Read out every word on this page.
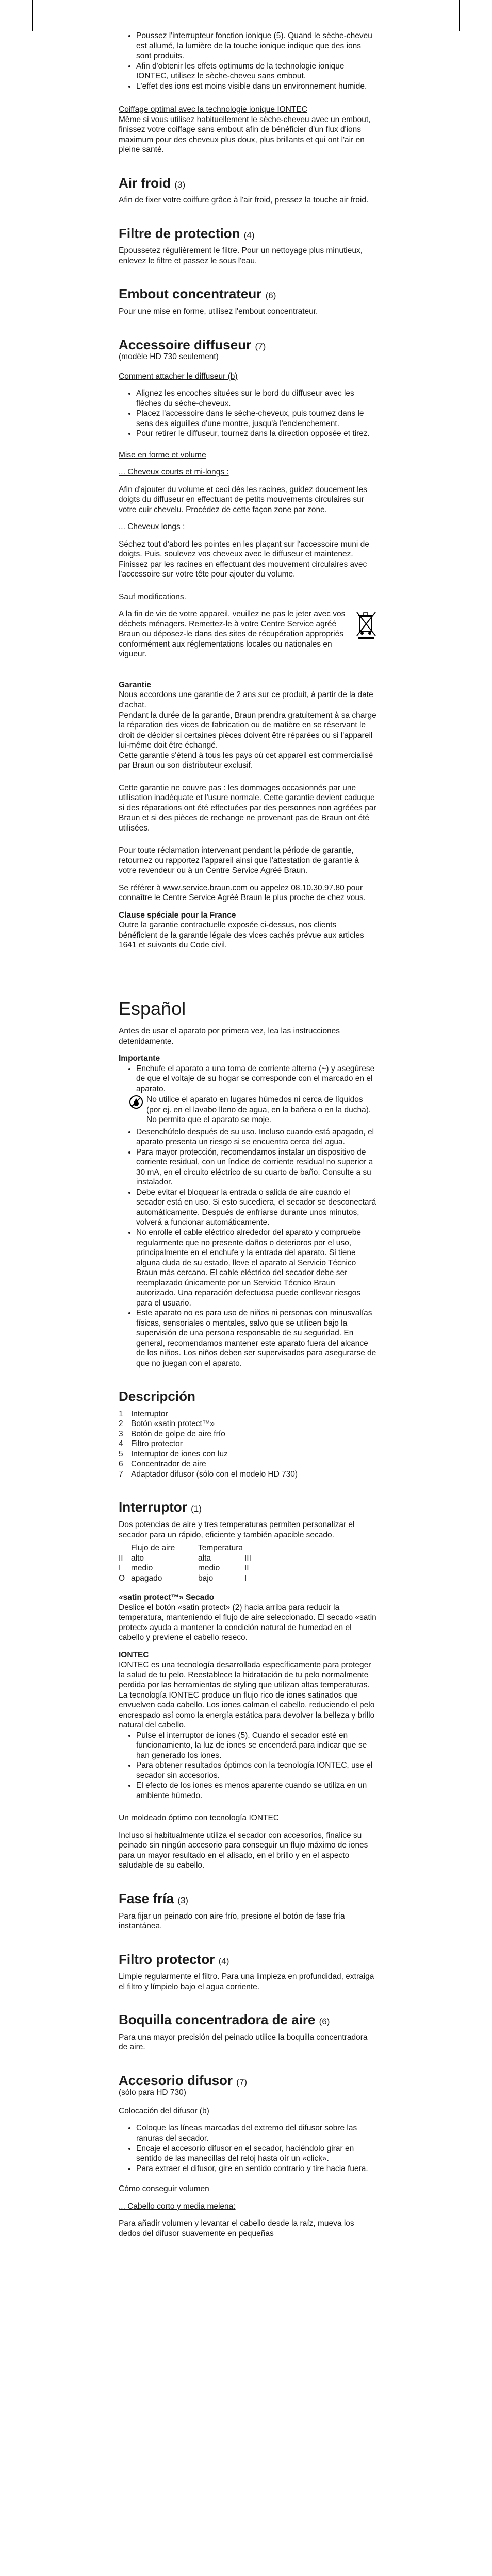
• Poussez l'interrupteur fonction ionique (5). Quand le sèche-cheveu est allumé, la lumière de la touche ionique indique que des ions sont produits.
• Afin d'obtenir les effets optimums de la technologie ionique IONTEC, utilisez le sèche-cheveu sans embout.
• L'effet des ions est moins visible dans un environnement humide.

Coiffage optimal avec la technologie ionique IONTEC

Même si vous utilisez habituellement le sèche-cheveu avec un embout, finissez votre coiffage sans embout afin de bénéficier d'un flux d'ions maximum pour des cheveux plus doux, plus brillants et qui ont l'air en pleine santé.

Air froid (3)

Afin de fixer votre coiffure grâce à l'air froid, pressez la touche air froid.

Filtre de protection (4)

Epoussetez régulièrement le filtre. Pour un nettoyage plus minutieux, enlevez le filtre et passez le sous l'eau.

Embout concentrateur (6)

Pour une mise en forme, utilisez l'embout concentrateur.

Accessoire diffuseur (7)

(modèle HD 730 seulement)

Comment attacher le diffuseur (b)

• Alignez les encoches situées sur le bord du diffuseur avec les flèches du sèche-cheveux.
• Placez l'accessoire dans le sèche-cheveux, puis tournez dans le sens des aiguilles d'une montre, jusqu'à l'enclenchement.
• Pour retirer le diffuseur, tournez dans la direction opposée et tirez.

Mise en forme et volume

... Cheveux courts et mi-longs :

Afin d'ajouter du volume et ceci dès les racines, guidez doucement les doigts du diffuseur en effectuant de petits mouvements circulaires sur votre cuir chevelu. Procédez de cette façon zone par zone.

... Cheveux longs :

Séchez tout d'abord les pointes en les plaçant sur l'accessoire muni de doigts. Puis, soulevez vos cheveux avec le diffuseur et maintenez. Finissez par les racines en effectuant des mouvement circulaires avec l'accessoire sur votre tête pour ajouter du volume.

Sauf modifications.

A la fin de vie de votre appareil, veuillez ne pas le jeter avec vos déchets ménagers. Remettez-le à votre Centre Service agréé Braun ou déposez-le dans des sites de récupération appropriés conformément aux réglementations locales ou nationales en vigueur.
Garantie

Nous accordons une garantie de 2 ans sur ce produit, à partir de la date d'achat.

Pendant la durée de la garantie, Braun prendra gratuitement à sa charge la réparation des vices de fabrication ou de matière en se réservant le droit de décider si certaines pièces doivent être réparées ou si l'appareil lui-même doit être échangé.

Cette garantie s'étend à tous les pays où cet appareil est commercialisé par Braun ou son distributeur exclusif.

Cette garantie ne couvre pas : les dommages occasionnés par une utilisation inadéquate et l'usure normale. Cette garantie devient caduque si des réparations ont été effectuées par des personnes non agréées par Braun et si des pièces de rechange ne provenant pas de Braun ont été utilisées.

Pour toute réclamation intervenant pendant la période de garantie, retournez ou rapportez l'appareil ainsi que l'attestation de garantie à votre revendeur ou à un Centre Service Agréé Braun.

Se référer à www.service.braun.com ou appelez 08.10.30.97.80 pour connaître le Centre Service Agréé Braun le plus proche de chez vous.

Clause spéciale pour la France

Outre la garantie contractuelle exposée ci-dessus, nos clients bénéficient de la garantie légale des vices cachés prévue aux articles 1641 et suivants du Code civil.

Español

Antes de usar el aparato por primera vez, lea las instrucciones detenidamente.

Importante
• Enchufe el aparato a una toma de corriente alterna (~) y asegúrese de que el voltaje de su hogar se corresponde con el marcado en el aparato.
No utilice el aparato en lugares húmedos ni cerca de líquidos (por ej. en el lavabo lleno de agua, en la bañera o en la ducha). No permita que el aparato se moje.
• Desenchúfelo después de su uso. Incluso cuando está apagado, el aparato presenta un riesgo si se encuentra cerca del agua.
• Para mayor protección, recomendamos instalar un dispositivo de corriente residual, con un índice de corriente residual no superior a 30 mA, en el circuito eléctrico de su cuarto de baño. Consulte a su instalador.
• Debe evitar el bloquear la entrada o salida de aire cuando el secador está en uso. Si esto sucediera, el secador se desconectará automáticamente. Después de enfriarse durante unos minutos, volverá a funcionar automáticamente.
• No enrolle el cable eléctrico alrededor del aparato y compruebe regularmente que no presente daños o deterioros por el uso, principalmente en el enchufe y la entrada del aparato. Si tiene alguna duda de su estado, lleve el aparato al Servicio Técnico Braun más cercano. El cable eléctrico del secador debe ser reemplazado únicamente por un Servicio Técnico Braun autorizado. Una reparación defectuosa puede conllevar riesgos para el usuario.
• Este aparato no es para uso de niños ni personas con minusvalías físicas, sensoriales o mentales, salvo que se utilicen bajo la supervisión de una persona responsable de su seguridad. En general, recomendamos mantener este aparato fuera del alcance de los niños. Los niños deben ser supervisados para asegurarse de que no juegan con el aparato.
Descripción
1 Interruptor
2 Botón «satin protect™»
3 Botón de golpe de aire frío
4 Filtro protector
5 Interruptor de iones con luz
6 Concentrador de aire
7 Adaptador difusor (sólo con el modelo HD 730)
Interruptor (1)

Dos potencias de aire y tres temperaturas permiten personalizar el secador para un rápido, eficiente y también apacible secado.

Flujo de aire	Temperatura
II alto	alta	III
I	medio	medio	II
O apagado	bajo	I
«satin protect™» Secado

Deslice el botón «satin protect» (2) hacia arriba para reducir la temperatura, manteniendo el flujo de aire seleccionado. El secado «satin protect» ayuda a mantener la condición natural de humedad en el cabello y previene el cabello reseco.

IONTEC

IONTEC es una tecnología desarrollada específicamente para proteger la salud de tu pelo. Reestablece la hidratación de tu pelo normalmente perdida por las herramientas de styling que utilizan altas temperaturas. La tecnología IONTEC produce un flujo rico de iones satinados que envuelven cada cabello. Los iones calman el cabello, reduciendo el pelo encrespado así como la energía estática para devolver la belleza y brillo natural del cabello.

• Pulse el interruptor de iones (5). Cuando el secador esté en funcionamiento, la luz de iones se encenderá para indicar que se han generado los iones.
• Para obtener resultados óptimos con la tecnología IONTEC, use el secador sin accesorios.
• El efecto de los iones es menos aparente cuando se utiliza en un ambiente húmedo.

Un moldeado óptimo con tecnología IONTEC

Incluso si habitualmente utiliza el secador con accesorios, finalice su peinado sin ningún accesorio para conseguir un flujo máximo de iones para un mayor resultado en el alisado, en el brillo y en el aspecto saludable de su cabello.

Fase fría (3)

Para fijar un peinado con aire frío, presione el botón de fase fría instantánea.

Filtro protector (4)

Limpie regularmente el filtro. Para una limpieza en profundidad, extraiga el filtro y límpielo bajo el agua corriente.

Boquilla concentradora de aire (6)

Para una mayor precisión del peinado utilice la boquilla concentradora de aire.

Accesorio difusor (7)

(sólo para HD 730)

Colocación del difusor (b)

• Coloque las líneas marcadas del extremo del difusor sobre las ranuras del secador.
• Encaje el accesorio difusor en el secador, haciéndolo girar en sentido de las manecillas del reloj hasta oír un «click».
• Para extraer el difusor, gire en sentido contrario y tire hacia fuera.

Cómo conseguir volumen

... Cabello corto y media melena:

Para añadir volumen y levantar el cabello desde la raíz, mueva los dedos del difusor suavemente en pequeñas
